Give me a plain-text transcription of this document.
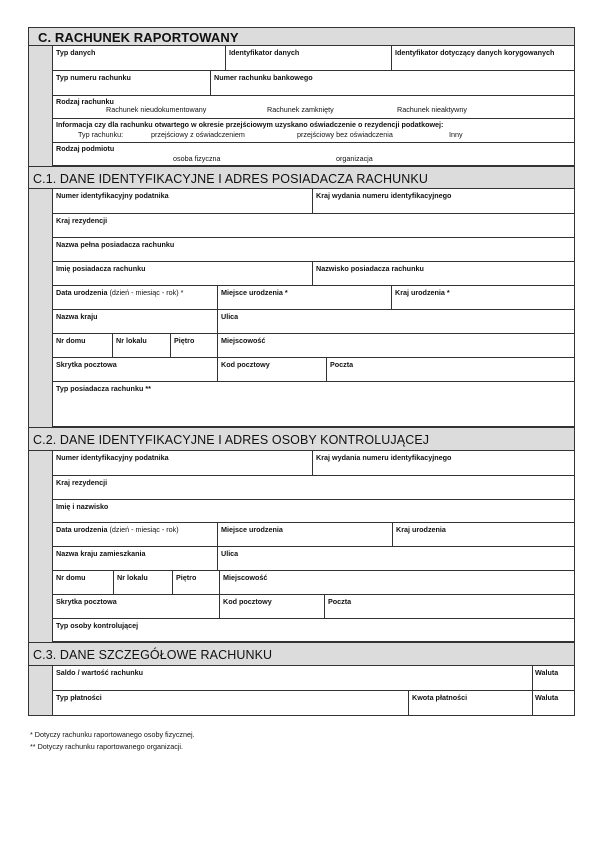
C. RACHUNEK RAPORTOWANY
Typ danych	Identyfikator danych	Identyfikator dotyczący danych korygowanych
Typ numeru rachunku	Numer rachunku bankowego
Rodzaj rachunku
Rachunek nieudokumentowany	Rachunek zamknięty	Rachunek nieaktywny
Informacja czy dla rachunku otwartego w okresie przejściowym uzyskano oświadczenie o rezydencji podatkowej:
Typ rachunku:	przejściowy z oświadczeniem	przejściowy bez oświadczenia	Inny
Rodzaj podmiotu
osoba fizyczna	organizacja
C.1. DANE IDENTYFIKACYJNE I ADRES POSIADACZA RACHUNKU
Numer identyfikacyjny podatnika	Kraj wydania numeru identyfikacyjnego
Kraj rezydencji
Nazwa pełna posiadacza rachunku
Imię posiadacza rachunku	Nazwisko posiadacza rachunku
Data urodzenia (dzień - miesiąc - rok) *	Miejsce urodzenia *	Kraj urodzenia *
Nazwa kraju	Ulica
Nr domu	Nr lokalu	Piętro	Miejscowość
Skrytka pocztowa	Kod pocztowy	Poczta
Typ posiadacza rachunku **
C.2. DANE IDENTYFIKACYJNE I ADRES OSOBY KONTROLUJĄCEJ
Numer identyfikacyjny podatnika	Kraj wydania numeru identyfikacyjnego
Kraj rezydencji
Imię i nazwisko
Data urodzenia (dzień - miesiąc - rok)	Miejsce urodzenia	Kraj urodzenia
Nazwa kraju zamieszkania	Ulica
Nr domu	Nr lokalu	Piętro	Miejscowość
Skrytka pocztowa	Kod pocztowy	Poczta
Typ osoby kontrolującej
C.3. DANE SZCZEGÓŁOWE RACHUNKU
Saldo / wartość rachunku	Waluta
Typ płatności	Kwota płatności	Waluta
* Dotyczy rachunku raportowanego osoby fizycznej.
** Dotyczy rachunku raportowanego organizacji.
